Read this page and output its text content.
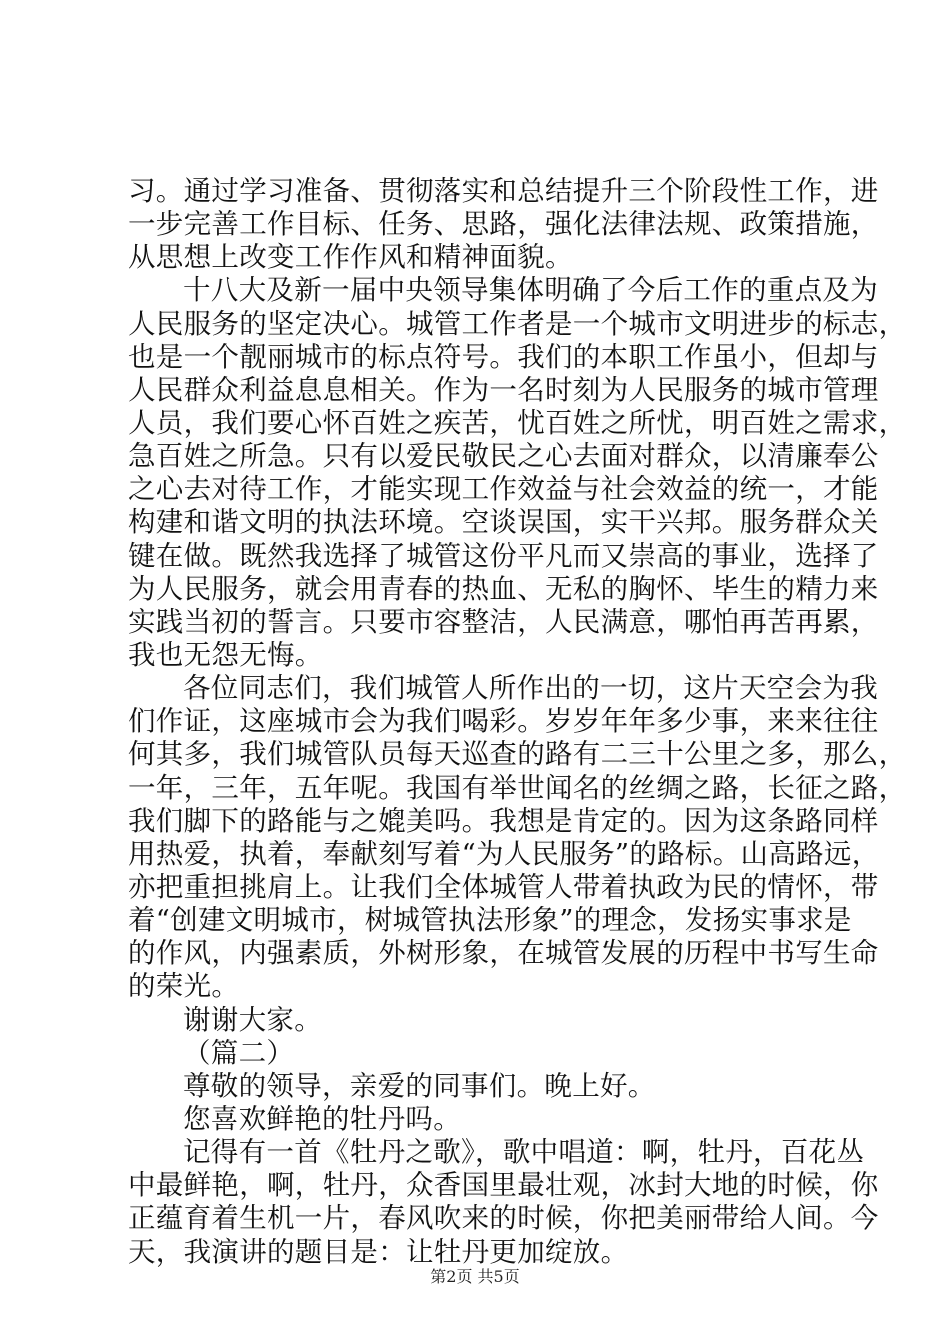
习。通过学习准备、贯彻落实和总结提升三个阶段性工作，进
一步完善工作目标、任务、思路，强化法律法规、政策措施，
从思想上改变工作作风和精神面貌。
十八大及新一届中央领导集体明确了今后工作的重点及为
人民服务的坚定决心。城管工作者是一个城市文明进步的标志，
也是一个靓丽城市的标点符号。我们的本职工作虽小，但却与
人民群众利益息息相关。作为一名时刻为人民服务的城市管理
人员，我们要心怀百姓之疾苦，忧百姓之所忧，明百姓之需求，
急百姓之所急。只有以爱民敬民之心去面对群众，以清廉奉公
之心去对待工作，才能实现工作效益与社会效益的统一，才能
构建和谐文明的执法环境。空谈误国，实干兴邦。服务群众关
键在做。既然我选择了城管这份平凡而又崇高的事业，选择了
为人民服务，就会用青春的热血、无私的胸怀、毕生的精力来
实践当初的誓言。只要市容整洁，人民满意，哪怕再苦再累，
我也无怨无悔。
各位同志们，我们城管人所作出的一切，这片天空会为我
们作证，这座城市会为我们喝彩。岁岁年年多少事，来来往往
何其多，我们城管队员每天巡查的路有二三十公里之多，那么，
一年，三年，五年呢。我国有举世闻名的丝绸之路，长征之路，
我们脚下的路能与之媲美吗。我想是肯定的。因为这条路同样
用热爱，执着，奉献刻写着“为人民服务”的路标。山高路远，
亦把重担挑肩上。让我们全体城管人带着执政为民的情怀，带
着“创建文明城市，树城管执法形象”的理念，发扬实事求是
的作风，内强素质，外树形象，在城管发展的历程中书写生命
的荣光。
谢谢大家。
（篇二）
尊敬的领导，亲爱的同事们。晚上好。
您喜欢鲜艳的牡丹吗。
记得有一首《牡丹之歌》，歌中唱道：啊，牡丹，百花丛
中最鲜艳，啊，牡丹，众香国里最壮观，冰封大地的时候，你
正蕴育着生机一片，春风吹来的时候，你把美丽带给人间。今
天，我演讲的题目是：让牡丹更加绽放。
第2页 共5页
